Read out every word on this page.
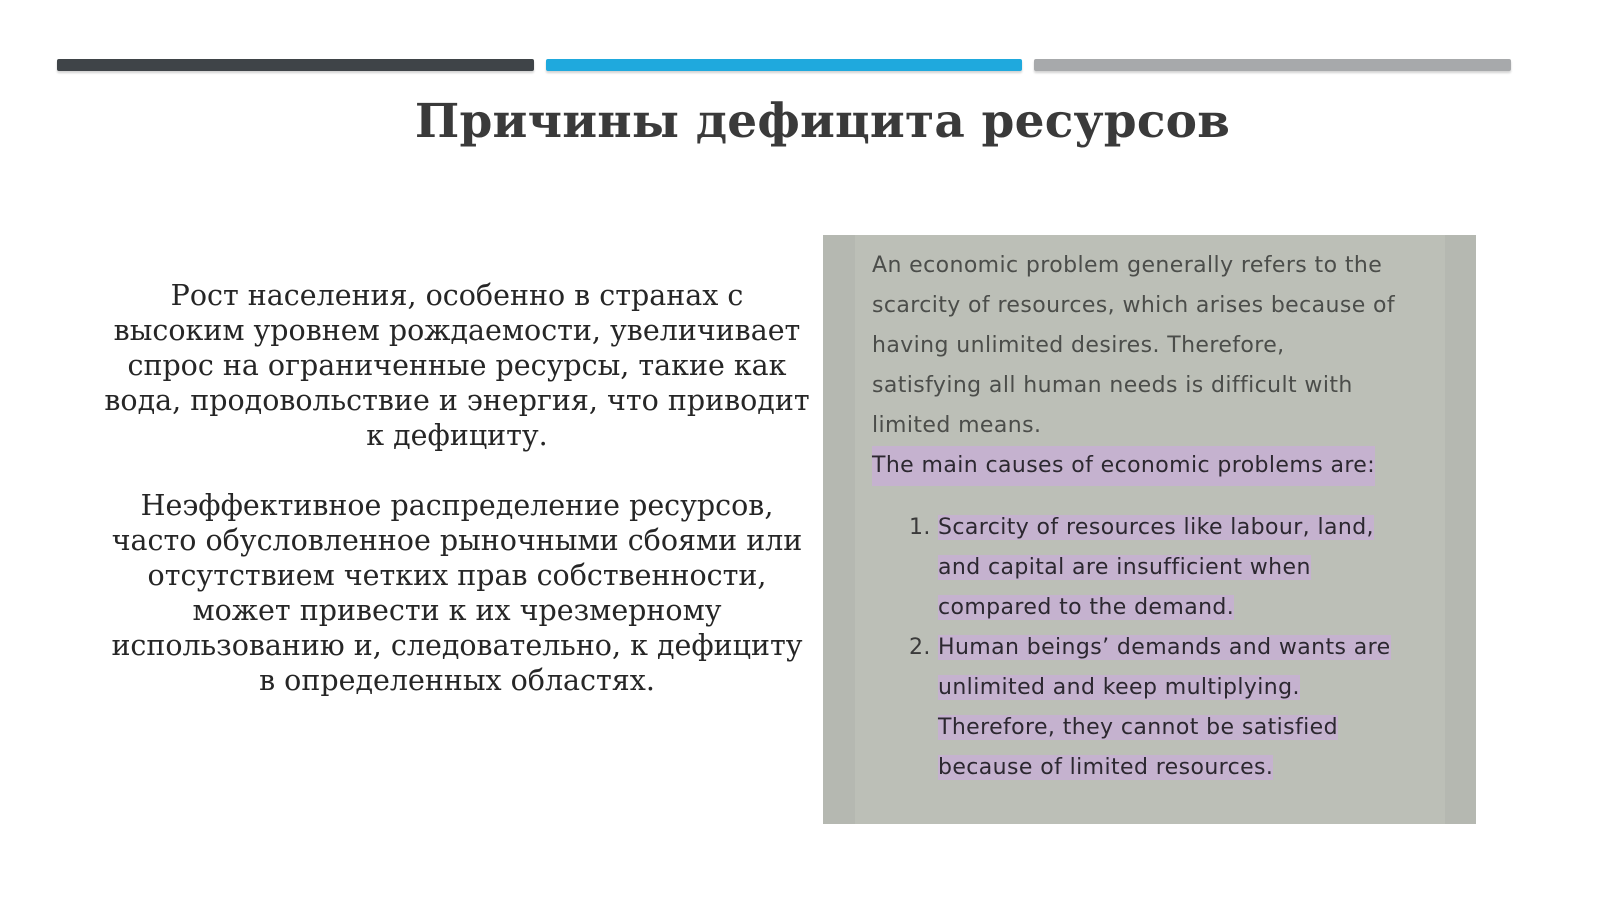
Причины дефицита ресурсов

Рост населения, особенно в странах с высоким уровнем рождаемости, увеличивает спрос на ограниченные ресурсы, такие как вода, продовольствие и энергия, что приводит к дефициту.

Неэффективное распределение ресурсов, часто обусловленное рыночными сбоями или отсутствием четких прав собственности, может привести к их чрезмерному использованию и, следовательно, к дефициту в определенных областях.

An economic problem generally refers to the
scarcity of resources, which arises because of
having unlimited desires. Therefore,
satisfying all human needs is difficult with
limited means.
The main causes of economic problems are:
1. Scarcity of resources like labour, land,
and capital are insufficient when
compared to the demand.
2. Human beings’ demands and wants are
unlimited and keep multiplying.
Therefore, they cannot be satisfied
because of limited resources.
